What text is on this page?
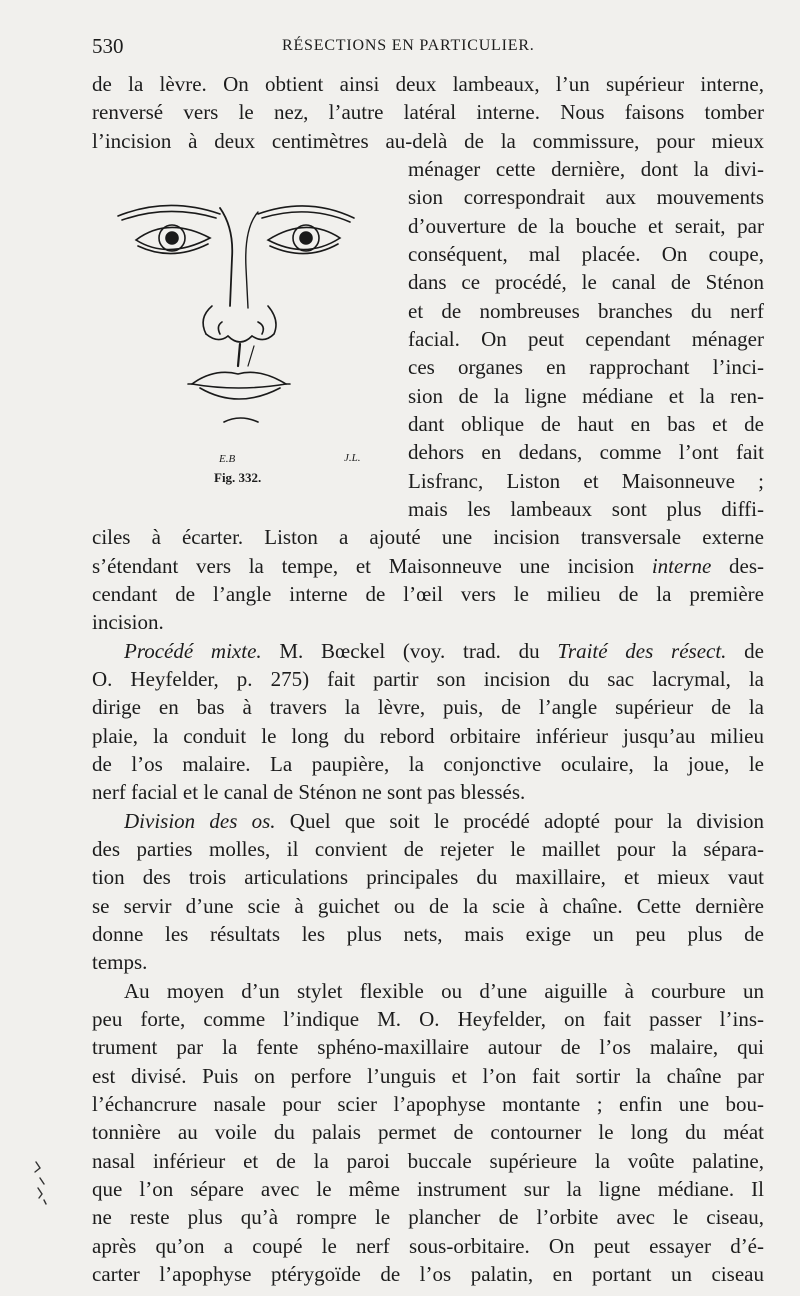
530	RÉSECTIONS EN PARTICULIER.
de la lèvre. On obtient ainsi deux lambeaux, l’un supérieur interne,
renversé vers le nez, l’autre latéral interne. Nous faisons tomber
l’incision à deux centimètres au-delà de la commissure, pour mieux
E.B	J.L.
Fig. 332.
ménager cette dernière, dont la divi-
sion correspondrait aux mouvements
d’ouverture de la bouche et serait, par
conséquent, mal placée. On coupe,
dans ce procédé, le canal de Sténon
et de nombreuses branches du nerf
facial. On peut cependant ménager
ces organes en rapprochant l’inci-
sion de la ligne médiane et la ren-
dant oblique de haut en bas et de
dehors en dedans, comme l’ont fait
Lisfranc, Liston et Maisonneuve ;
mais les lambeaux sont plus diffi-
ciles à écarter. Liston a ajouté une incision transversale externe
s’étendant vers la tempe, et Maisonneuve une incision interne des-
cendant de l’angle interne de l’œil vers le milieu de la première
incision.
Procédé mixte. M. Bœckel (voy. trad. du Traité des résect. de
O. Heyfelder, p. 275) fait partir son incision du sac lacrymal, la
dirige en bas à travers la lèvre, puis, de l’angle supérieur de la
plaie, la conduit le long du rebord orbitaire inférieur jusqu’au milieu
de l’os malaire. La paupière, la conjonctive oculaire, la joue, le
nerf facial et le canal de Sténon ne sont pas blessés.
Division des os. Quel que soit le procédé adopté pour la division
des parties molles, il convient de rejeter le maillet pour la sépara-
tion des trois articulations principales du maxillaire, et mieux vaut
se servir d’une scie à guichet ou de la scie à chaîne. Cette dernière
donne les résultats les plus nets, mais exige un peu plus de
temps.
Au moyen d’un stylet flexible ou d’une aiguille à courbure un
peu forte, comme l’indique M. O. Heyfelder, on fait passer l’ins-
trument par la fente sphéno-maxillaire autour de l’os malaire, qui
est divisé. Puis on perfore l’unguis et l’on fait sortir la chaîne par
l’échancrure nasale pour scier l’apophyse montante ; enfin une bou-
tonnière au voile du palais permet de contourner le long du méat
nasal inférieur et de la paroi buccale supérieure la voûte palatine,
que l’on sépare avec le même instrument sur la ligne médiane. Il
ne reste plus qu’à rompre le plancher de l’orbite avec le ciseau,
après qu’on a coupé le nerf sous-orbitaire. On peut essayer d’é-
carter l’apophyse ptérygoïde de l’os palatin, en portant un ciseau
